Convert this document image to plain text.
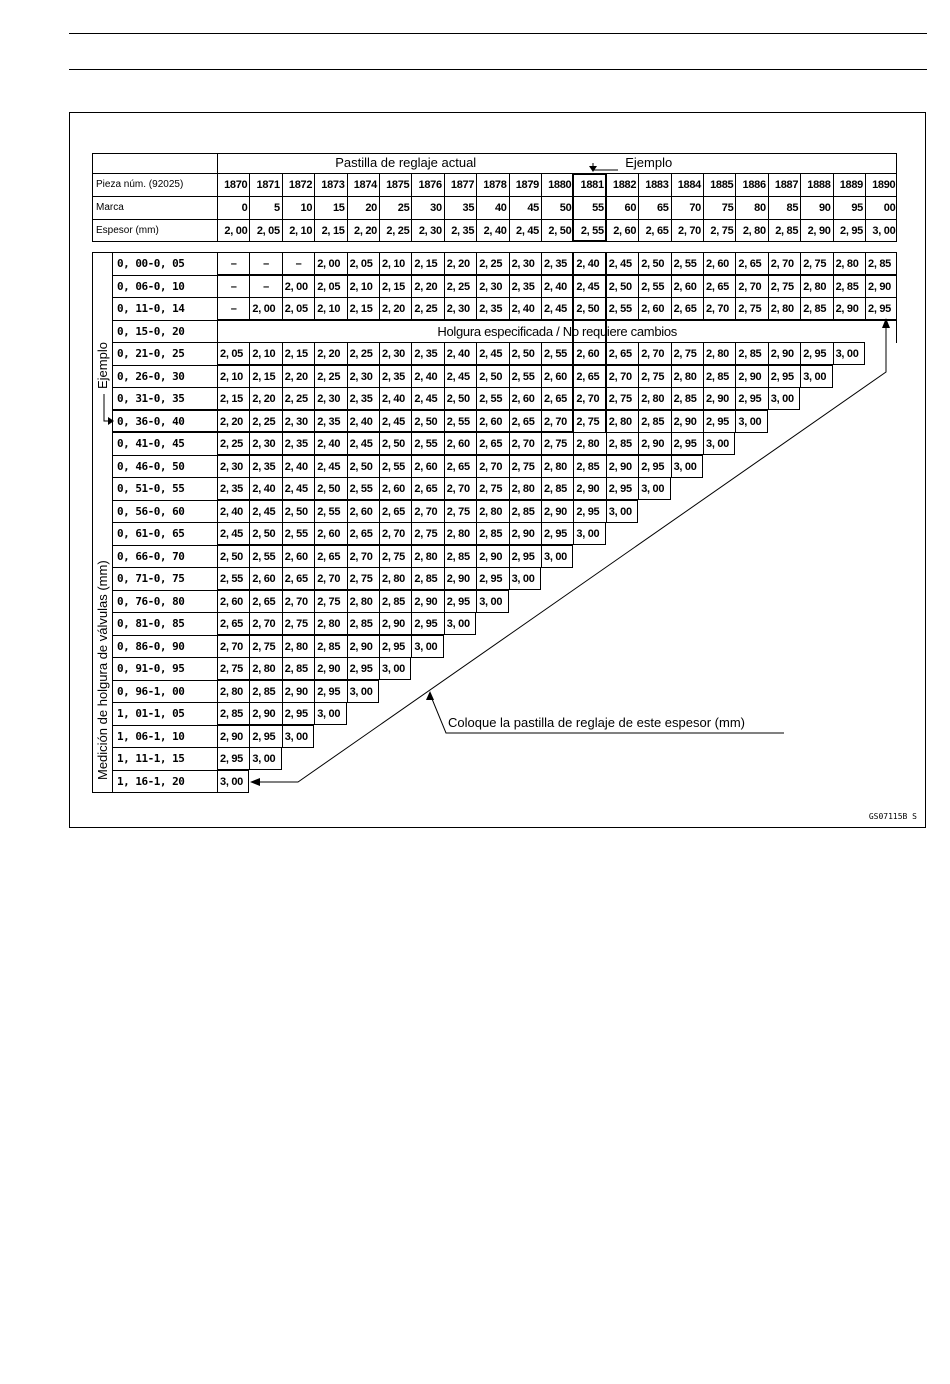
GS07115B S
Pastilla de reglaje actual	Ejemplo
Pieza núm. (92025)	1870 1871 1872 1873 1874 1875 1876 1877 1878 1879 1880 1881 1882 1883 1884 1885 1886 1887 1888 1889 1890
Marca	0	5	10	15	20	25	30	35	40	45	50	55	60	65	70	75	80	85	90	95	00
Espesor (mm)	2, 00 2, 05 2, 10 2, 15 2, 20 2, 25 2, 30 2, 35 2, 40 2, 45 2, 50 2, 55 2, 60 2, 65 2, 70 2, 75 2, 80 2, 85 2, 90 2, 95 3, 00
Medición de holgura de válvulas (mm)
Ejemplo
0, 00-0, 05	–	–	–	2, 00 2, 05 2, 10 2, 15 2, 20 2, 25 2, 30 2, 35 2, 40 2, 45 2, 50 2, 55 2, 60 2, 65 2, 70 2, 75 2, 80 2, 85
0, 06-0, 10	–	–	2, 00 2, 05 2, 10 2, 15 2, 20 2, 25 2, 30 2, 35 2, 40 2, 45 2, 50 2, 55 2, 60 2, 65 2, 70 2, 75 2, 80 2, 85 2, 90
0, 11-0, 14	–	2, 00 2, 05 2, 10 2, 15 2, 20 2, 25 2, 30 2, 35 2, 40 2, 45 2, 50 2, 55 2, 60 2, 65 2, 70 2, 75 2, 80 2, 85 2, 90 2, 95
0, 15-0, 20	Holgura especificada / No requiere cambios
0, 21-0, 25	2, 05 2, 10 2, 15 2, 20 2, 25 2, 30 2, 35 2, 40 2, 45 2, 50 2, 55 2, 60 2, 65 2, 70 2, 75 2, 80 2, 85 2, 90 2, 95 3, 00
0, 26-0, 30	2, 10 2, 15 2, 20 2, 25 2, 30 2, 35 2, 40 2, 45 2, 50 2, 55 2, 60 2, 65 2, 70 2, 75 2, 80 2, 85 2, 90 2, 95 3, 00
0, 31-0, 35	2, 15 2, 20 2, 25 2, 30 2, 35 2, 40 2, 45 2, 50 2, 55 2, 60 2, 65 2, 70 2, 75 2, 80 2, 85 2, 90 2, 95 3, 00
0, 36-0, 40	2, 20 2, 25 2, 30 2, 35 2, 40 2, 45 2, 50 2, 55 2, 60 2, 65 2, 70 2, 75 2, 80 2, 85 2, 90 2, 95 3, 00
0, 41-0, 45	2, 25 2, 30 2, 35 2, 40 2, 45 2, 50 2, 55 2, 60 2, 65 2, 70 2, 75 2, 80 2, 85 2, 90 2, 95 3, 00
0, 46-0, 50	2, 30 2, 35 2, 40 2, 45 2, 50 2, 55 2, 60 2, 65 2, 70 2, 75 2, 80 2, 85 2, 90 2, 95 3, 00
0, 51-0, 55	2, 35 2, 40 2, 45 2, 50 2, 55 2, 60 2, 65 2, 70 2, 75 2, 80 2, 85 2, 90 2, 95 3, 00
0, 56-0, 60	2, 40 2, 45 2, 50 2, 55 2, 60 2, 65 2, 70 2, 75 2, 80 2, 85 2, 90 2, 95 3, 00
0, 61-0, 65	2, 45 2, 50 2, 55 2, 60 2, 65 2, 70 2, 75 2, 80 2, 85 2, 90 2, 95 3, 00
0, 66-0, 70	2, 50 2, 55 2, 60 2, 65 2, 70 2, 75 2, 80 2, 85 2, 90 2, 95 3, 00
0, 71-0, 75	2, 55 2, 60 2, 65 2, 70 2, 75 2, 80 2, 85 2, 90 2, 95 3, 00
0, 76-0, 80	2, 60 2, 65 2, 70 2, 75 2, 80 2, 85 2, 90 2, 95 3, 00
0, 81-0, 85	2, 65 2, 70 2, 75 2, 80 2, 85 2, 90 2, 95 3, 00
0, 86-0, 90	2, 70 2, 75 2, 80 2, 85 2, 90 2, 95 3, 00
0, 91-0, 95	2, 75 2, 80 2, 85 2, 90 2, 95 3, 00
0, 96-1, 00	2, 80 2, 85 2, 90 2, 95 3, 00
1, 01-1, 05	2, 85 2, 90 2, 95 3, 00
1, 06-1, 10	2, 90 2, 95 3, 00
1, 11-1, 15	2, 95 3, 00
1, 16-1, 20	3, 00
Coloque la pastilla de reglaje de este espesor (mm)
